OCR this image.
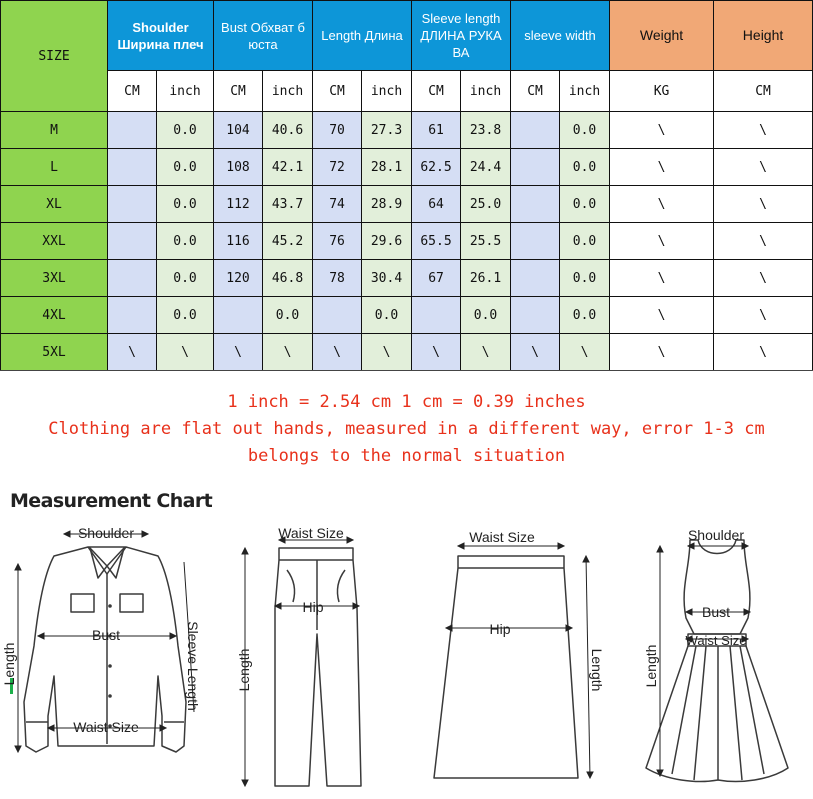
SIZE	Shoulder
Ширина плеч		Bust Обхват б юста		Length Длина		Sleeve length ДЛИНА РУКА ВА		sleeve width		Weight	Height
	CM	inch	CM	inch	CM	inch	CM	inch	CM	inch	KG	CM
M		0.0	104	40.6	70	27.3	61	23.8		0.0	\	\
L		0.0	108	42.1	72	28.1	62.5	24.4		0.0	\	\
XL		0.0	112	43.7	74	28.9	64	25.0		0.0	\	\
XXL		0.0	116	45.2	76	29.6	65.5	25.5		0.0	\	\
3XL		0.0	120	46.8	78	30.4	67	26.1		0.0	\	\
4XL		0.0		0.0		0.0		0.0		0.0	\	\
5XL	\	\	\	\	\	\	\	\	\	\	\	\
1 inch = 2.54 cm 1 cm = 0.39 inches
Clothing are flat out hands, measured in a different way, error 1-3 cm
belongs to the normal situation
Measurement Chart
Shoulder
Bust
Waist Size
Length	Sleeve Length
Waist Size
Hip
Length
Waist Size
Hip
Length
Shoulder
Bust
Waist Size
Length
